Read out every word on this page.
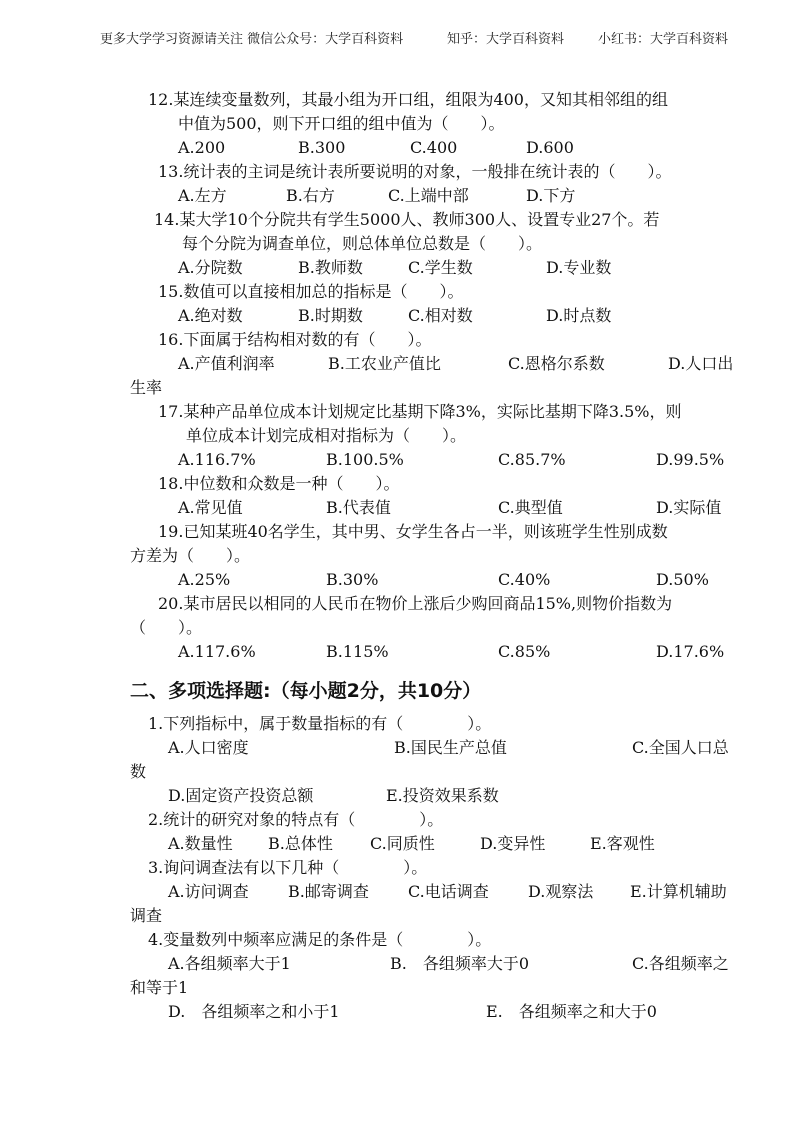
更多大学学习资源请关注 微信公众号：大学百科资料	知乎：大学百科资料	小红书：大学百科资料
12.某连续变量数列，其最小组为开口组，组限为400，又知其相邻组的组
中值为500，则下开口组的组中值为（　　）。
A.200	B.300	C.400	D.600
13.统计表的主词是统计表所要说明的对象，一般排在统计表的（　　）。
A.左方	B.右方	C.上端中部	D.下方
14.某大学10个分院共有学生5000人、教师300人、设置专业27个。若
每个分院为调查单位，则总体单位总数是（　　）。
A.分院数	B.教师数	C.学生数	D.专业数
15.数值可以直接相加总的指标是（　　）。
A.绝对数	B.时期数	C.相对数	D.时点数
16.下面属于结构相对数的有（　　）。
A.产值利润率	B.工农业产值比	C.恩格尔系数	D.人口出
生率
17.某种产品单位成本计划规定比基期下降3%，实际比基期下降3.5%，则
单位成本计划完成相对指标为（　　）。
A.116.7%	B.100.5%	C.85.7%	D.99.5%
18.中位数和众数是一种（　　）。
A.常见值	B.代表值	C.典型值	D.实际值
19.已知某班40名学生，其中男、女学生各占一半，则该班学生性别成数
方差为（　　）。
A.25%	B.30%	C.40%	D.50%
20.某市居民以相同的人民币在物价上涨后少购回商品15%,则物价指数为
（　　）。
A.117.6%	B.115%	C.85%	D.17.6%
二、多项选择题:（每小题2分，共10分）
1.下列指标中，属于数量指标的有（　　　　）。
A.人口密度	B.国民生产总值	C.全国人口总
数
D.固定资产投资总额	E.投资效果系数
2.统计的研究对象的特点有（　　　　）。
A.数量性 B.总体性 C.同质性	D.变异性	E.客观性
3.询问调查法有以下几种（　　　　）。
A.访问调查 B.邮寄调查 C.电话调查 D.观察法 E.计算机辅助
调查
4.变量数列中频率应满足的条件是（　　　　）。
A.各组频率大于1	B.　各组频率大于0	C.各组频率之
和等于1
D.　各组频率之和小于1	E.　各组频率之和大于0
